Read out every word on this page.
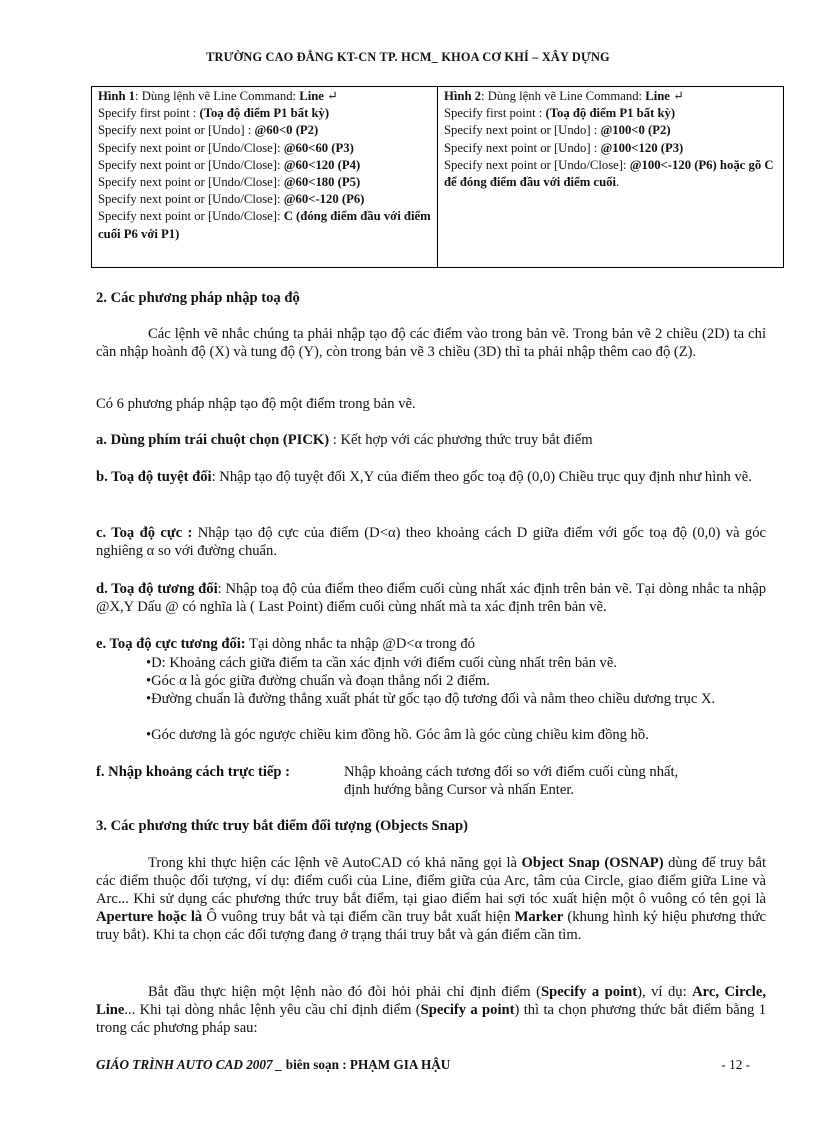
TRƯỜNG CAO ĐẲNG KT-CN TP. HCM_ KHOA CƠ KHÍ – XÂY DỰNG
Hình 1: Dùng lệnh vẽ Line Command: Line ↵
Specify first point : (Toạ độ điểm P1 bất kỳ)
Specify next point or [Undo] : @60<0 (P2)
Specify next point or [Undo/Close]: @60<60 (P3)
Specify next point or [Undo/Close]: @60<120 (P4)
Specify next point or [Undo/Close]: @60<180 (P5)
Specify next point or [Undo/Close]: @60<-120 (P6)
Specify next point or [Undo/Close]: C (đóng điểm đầu với điểm cuối P6 với P1)

Hình 2: Dùng lệnh vẽ Line Command: Line ↵
Specify first point : (Toạ độ điểm P1 bất kỳ)
Specify next point or [Undo] : @100<0 (P2)
Specify next point or [Undo] : @100<120 (P3)
Specify next point or [Undo/Close]: @100<-120 (P6) hoặc gõ C để đóng điểm đầu với điểm cuối.
2. Các phương pháp nhập toạ độ
Các lệnh vẽ nhắc chúng ta phải nhập tạo độ các điểm vào trong bản vẽ. Trong bản vẽ 2 chiều (2D) ta chỉ cần nhập hoành độ (X) và tung độ (Y), còn trong bản vẽ 3 chiều (3D) thì ta phải nhập thêm cao độ (Z).
Có 6 phương pháp nhập tạo độ một điểm trong bản vẽ.
a. Dùng phím trái chuột chọn (PICK) : Kết hợp với các phương thức truy bắt điểm
b. Toạ độ tuyệt đối: Nhập tạo độ tuyệt đối X,Y của điểm theo gốc toạ độ (0,0) Chiều trục quy định như hình vẽ.
c. Toạ độ cực : Nhập tạo độ cực của điểm (D<α) theo khoảng cách D giữa điểm với gốc toạ độ (0,0) và góc nghiêng α so với đường chuẩn.
d. Toạ độ tương đối: Nhập toạ độ của điểm theo điểm cuối cùng nhất xác định trên bản vẽ. Tại dòng nhắc ta nhập @X,Y Dấu @ có nghĩa là ( Last Point) điểm cuối cùng nhất mà ta xác định trên bản vẽ.
e. Toạ độ cực tương đối: Tại dòng nhắc ta nhập @D<α trong đó
•D: Khoảng cách giữa điểm ta cần xác định với điểm cuối cùng nhất trên bản vẽ.
•Góc α là góc giữa đường chuẩn và đoạn thẳng nối 2 điểm.
•Đường chuẩn là đường thẳng xuất phát từ gốc tạo độ tương đối và nằm theo chiều dương trục X.
•Góc dương là góc ngược chiều kim đồng hồ. Góc âm là góc cùng chiều kim đồng hồ.
f. Nhập khoảng cách trực tiếp :	Nhập khoảng cách tương đối so với điểm cuối cùng nhất,
định hướng bằng Cursor và nhấn Enter.
3. Các phương thức truy bắt điểm đối tượng (Objects Snap)
Trong khi thực hiện các lệnh vẽ AutoCAD có khả năng gọi là Object Snap (OSNAP) dùng để truy bắt các điểm thuộc đối tượng, ví dụ: điểm cuối của Line, điểm giữa của Arc, tâm của Circle, giao điểm giữa Line và Arc... Khi sử dụng các phương thức truy bắt điểm, tại giao điểm hai sợi tóc xuất hiện một ô vuông có tên gọi là Aperture hoặc là Ô vuông truy bắt và tại điểm cần truy bắt xuất hiện Marker (khung hình ký hiệu phương thức truy bắt). Khi ta chọn các đối tượng đang ở trạng thái truy bắt và gán điểm cần tìm.
Bắt đầu thực hiện một lệnh nào đó đòi hỏi phải chỉ định điểm (Specify a point), ví dụ: Arc, Circle, Line... Khi tại dòng nhắc lệnh yêu cầu chỉ định điểm (Specify a point) thì ta chọn phương thức bắt điểm bằng 1 trong các phương pháp sau:
GIÁO TRÌNH AUTO CAD 2007 _ biên soạn : PHẠM GIA HẬU	- 12 -
